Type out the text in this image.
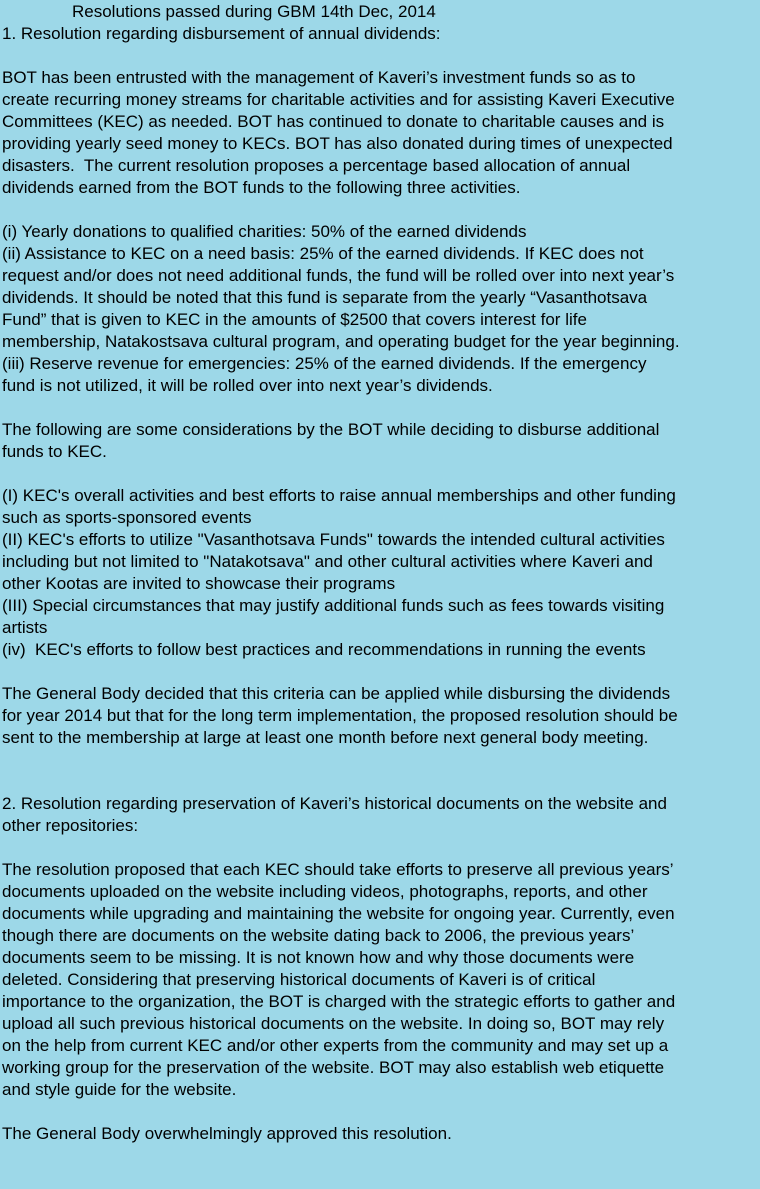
Resolutions passed during GBM 14th Dec, 2014
1. Resolution regarding disbursement of annual dividends:
BOT has been entrusted with the management of Kaveri’s investment funds so as to
create recurring money streams for charitable activities and for assisting Kaveri Executive
Committees (KEC) as needed. BOT has continued to donate to charitable causes and is
providing yearly seed money to KECs. BOT has also donated during times of unexpected
disasters.  The current resolution proposes a percentage based allocation of annual
dividends earned from the BOT funds to the following three activities.
(i) Yearly donations to qualified charities: 50% of the earned dividends
(ii) Assistance to KEC on a need basis: 25% of the earned dividends. If KEC does not
request and/or does not need additional funds, the fund will be rolled over into next year’s
dividends. It should be noted that this fund is separate from the yearly “Vasanthotsava
Fund” that is given to KEC in the amounts of $2500 that covers interest for life
membership, Natakostsava cultural program, and operating budget for the year beginning.
(iii) Reserve revenue for emergencies: 25% of the earned dividends. If the emergency
fund is not utilized, it will be rolled over into next year’s dividends.
The following are some considerations by the BOT while deciding to disburse additional
funds to KEC.
(I) KEC's overall activities and best efforts to raise annual memberships and other funding
such as sports-sponsored events
(II) KEC's efforts to utilize "Vasanthotsava Funds" towards the intended cultural activities
including but not limited to "Natakotsava" and other cultural activities where Kaveri and
other Kootas are invited to showcase their programs
(III) Special circumstances that may justify additional funds such as fees towards visiting
artists
(iv)  KEC's efforts to follow best practices and recommendations in running the events
The General Body decided that this criteria can be applied while disbursing the dividends
for year 2014 but that for the long term implementation, the proposed resolution should be
sent to the membership at large at least one month before next general body meeting.
2. Resolution regarding preservation of Kaveri’s historical documents on the website and
other repositories:
The resolution proposed that each KEC should take efforts to preserve all previous years’
documents uploaded on the website including videos, photographs, reports, and other
documents while upgrading and maintaining the website for ongoing year. Currently, even
though there are documents on the website dating back to 2006, the previous years’
documents seem to be missing. It is not known how and why those documents were
deleted. Considering that preserving historical documents of Kaveri is of critical
importance to the organization, the BOT is charged with the strategic efforts to gather and
upload all such previous historical documents on the website. In doing so, BOT may rely
on the help from current KEC and/or other experts from the community and may set up a
working group for the preservation of the website. BOT may also establish web etiquette
and style guide for the website.
The General Body overwhelmingly approved this resolution.
